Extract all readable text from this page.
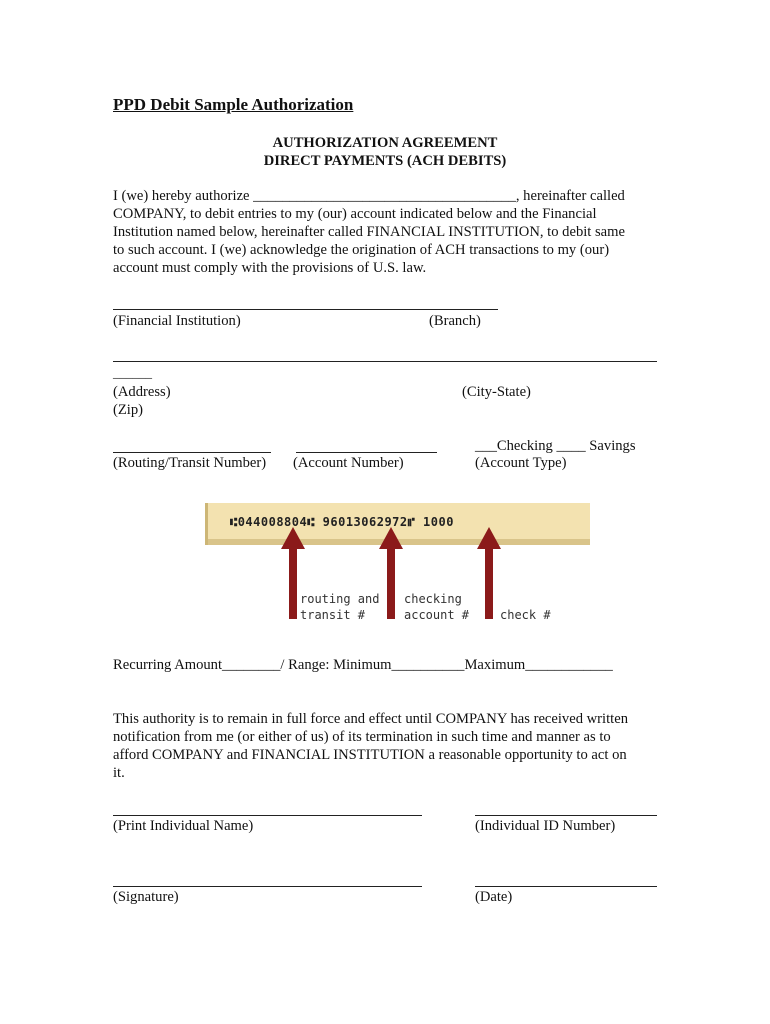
PPD Debit Sample Authorization
AUTHORIZATION AGREEMENT
DIRECT PAYMENTS (ACH DEBITS)
I (we) hereby authorize ____________________________________, hereinafter called
COMPANY, to debit entries to my (our) account indicated below and the Financial
Institution named below, hereinafter called FINANCIAL INSTITUTION, to debit same
to such account. I (we) acknowledge the origination of ACH transactions to my (our)
account must comply with the provisions of U.S. law.
(Financial Institution)	(Branch)
______
(Address)	(City-State)
(Zip)
___Checking ____ Savings
(Routing/Transit Number) (Account Number)	(Account Type)
⑆044008804⑆ 96013062972⑈ 1000
routing and
transit #
checking
account #	check #
Recurring Amount________/ Range: Minimum__________Maximum____________
This authority is to remain in full force and effect until COMPANY has received written
notification from me (or either of us) of its termination in such time and manner as to
afford COMPANY and FINANCIAL INSTITUTION a reasonable opportunity to act on
it.
(Print Individual Name)	(Individual ID Number)
(Signature)	(Date)
